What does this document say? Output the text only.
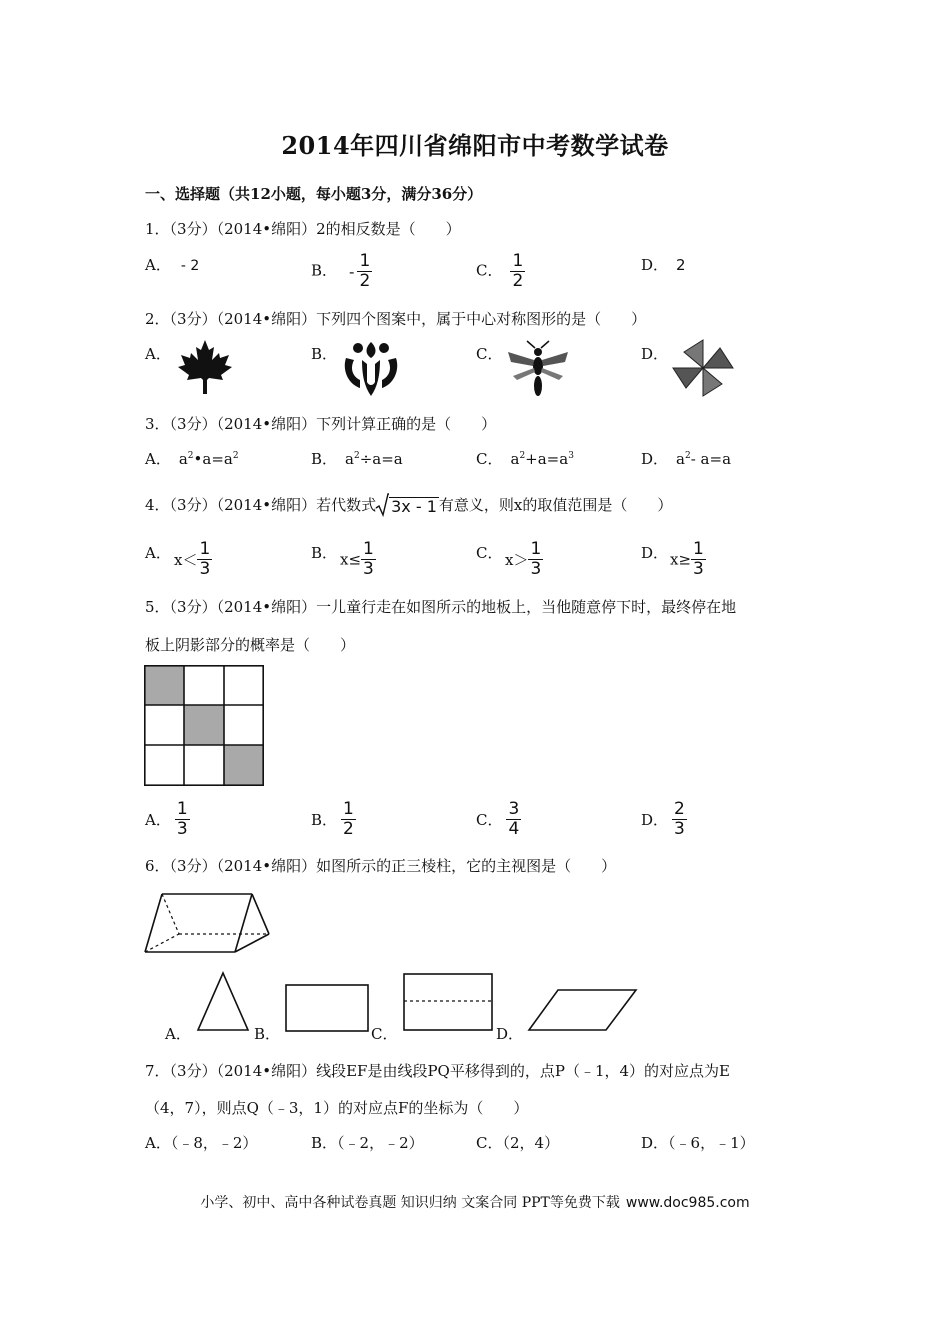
2014年四川省绵阳市中考数学试卷
一、选择题（共12小题，每小题3分，满分36分）
1．（3分）（2014•绵阳）2的相反数是（　　）
A． - 2	B． - $\frac{1}{2}$	C． $\frac{1}{2}$	D． 2
2．（3分）（2014•绵阳）下列四个图案中，属于中心对称图形的是（　　）
A．	B．	C．	D．
3．（3分）（2014•绵阳）下列计算正确的是（　　）
A． $a^2•a=a^2$	B． $a^2\div a=a$	C． $a^2+a=a^3$	D． $a^2-$ a=a
4．（3分）（2014•绵阳）若代数式 3x - 1 有意义，则x的取值范围是（　　）
A． $x< \frac{1}{3}$	B． $x\le \frac{1}{3}$	C． $x> \frac{1}{3}$	D． $x\ge \frac{1}{3}$
5．（3分）（2014•绵阳）一儿童行走在如图所示的地板上，当他随意停下时，最终停在地
板上阴影部分的概率是（　　）
A． $\frac{1}{3}$	B． $\frac{1}{2}$	C． $\frac{3}{4}$	D． $\frac{2}{3}$
6．（3分）（2014•绵阳）如图所示的正三棱柱，它的主视图是（　　）
A．	B．	C．	D．
7．（3分）（2014•绵阳）线段EF是由线段PQ平移得到的，点P（﹣1，4）的对应点为E
（4，7），则点Q（﹣3，1）的对应点F的坐标为（　　）
A．（﹣8，﹣2）	B．（﹣2，﹣2）	C．（2，4）	D．（﹣6，﹣1）
小学、初中、高中各种试卷真题 知识归纳 文案合同 PPT等免费下载 www.doc985.com
